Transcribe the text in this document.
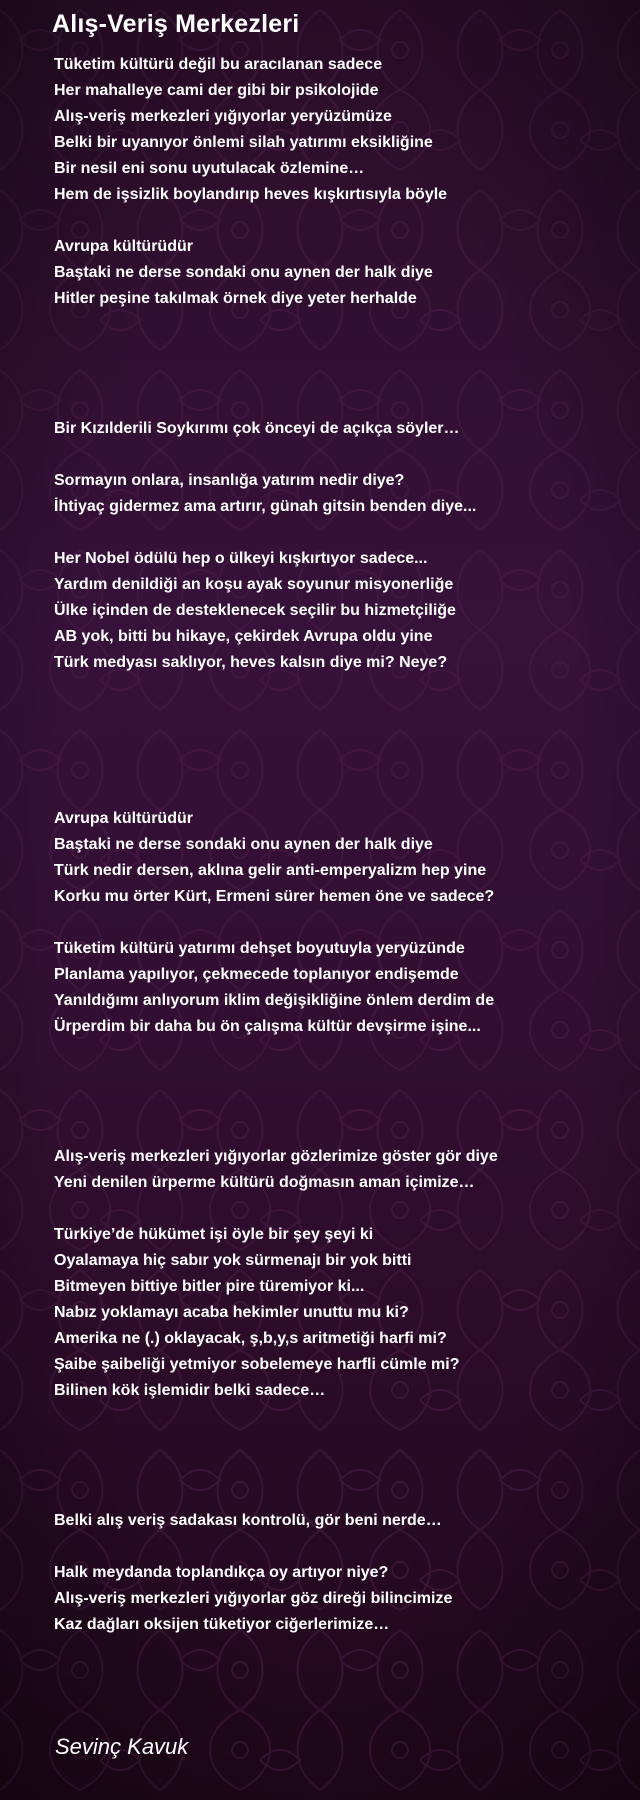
Alış-Veriş Merkezleri
Tüketim kültürü değil bu aracılanan sadece
Her mahalleye cami der gibi bir psikolojide
Alış-veriş merkezleri yığıyorlar yeryüzümüze
Belki bir uyanıyor önlemi silah yatırımı eksikliğine
Bir nesil eni sonu uyutulacak özlemine…
Hem de işsizlik boylandırıp heves kışkırtısıyla böyle
Avrupa kültürüdür
Baştaki ne derse sondaki onu aynen der halk diye
Hitler peşine takılmak örnek diye yeter herhalde
Bir Kızılderili Soykırımı çok önceyi de açıkça söyler…
Sormayın onlara, insanlığa yatırım nedir diye?
İhtiyaç gidermez ama artırır, günah gitsin benden diye...
Her Nobel ödülü hep o ülkeyi kışkırtıyor sadece...
Yardım denildiği an koşu ayak soyunur misyonerliğe
Ülke içinden de desteklenecek seçilir bu hizmetçiliğe
AB yok, bitti bu hikaye, çekirdek Avrupa oldu yine
Türk medyası saklıyor, heves kalsın diye mi? Neye?
Avrupa kültürüdür
Baştaki ne derse sondaki onu aynen der halk diye
Türk nedir dersen, aklına gelir anti-emperyalizm hep yine
Korku mu örter Kürt, Ermeni sürer hemen öne ve sadece?
Tüketim kültürü yatırımı dehşet boyutuyla yeryüzünde
Planlama yapılıyor, çekmecede toplanıyor endişemde
Yanıldığımı anlıyorum iklim değişikliğine önlem derdim de
Ürperdim bir daha bu ön çalışma kültür devşirme işine...
Alış-veriş merkezleri yığıyorlar gözlerimize göster gör diye
Yeni denilen ürperme kültürü doğmasın aman içimize…
Türkiye’de hükümet işi öyle bir şey şeyi ki
Oyalamaya hiç sabır yok sürmenajı bir yok bitti
Bitmeyen bittiye bitler pire türemiyor ki...
Nabız yoklamayı acaba hekimler unuttu mu ki?
Amerika ne (.) oklayacak, ş,b,y,s aritmetiği harfi mi?
Şaibe şaibeliği yetmiyor sobelemeye harfli cümle mi?
Bilinen kök işlemidir belki sadece…
Belki alış veriş sadakası kontrolü, gör beni nerde…
Halk meydanda toplandıkça oy artıyor niye?
Alış-veriş merkezleri yığıyorlar göz direği bilincimize
Kaz dağları oksijen tüketiyor ciğerlerimize…
Sevinç Kavuk
